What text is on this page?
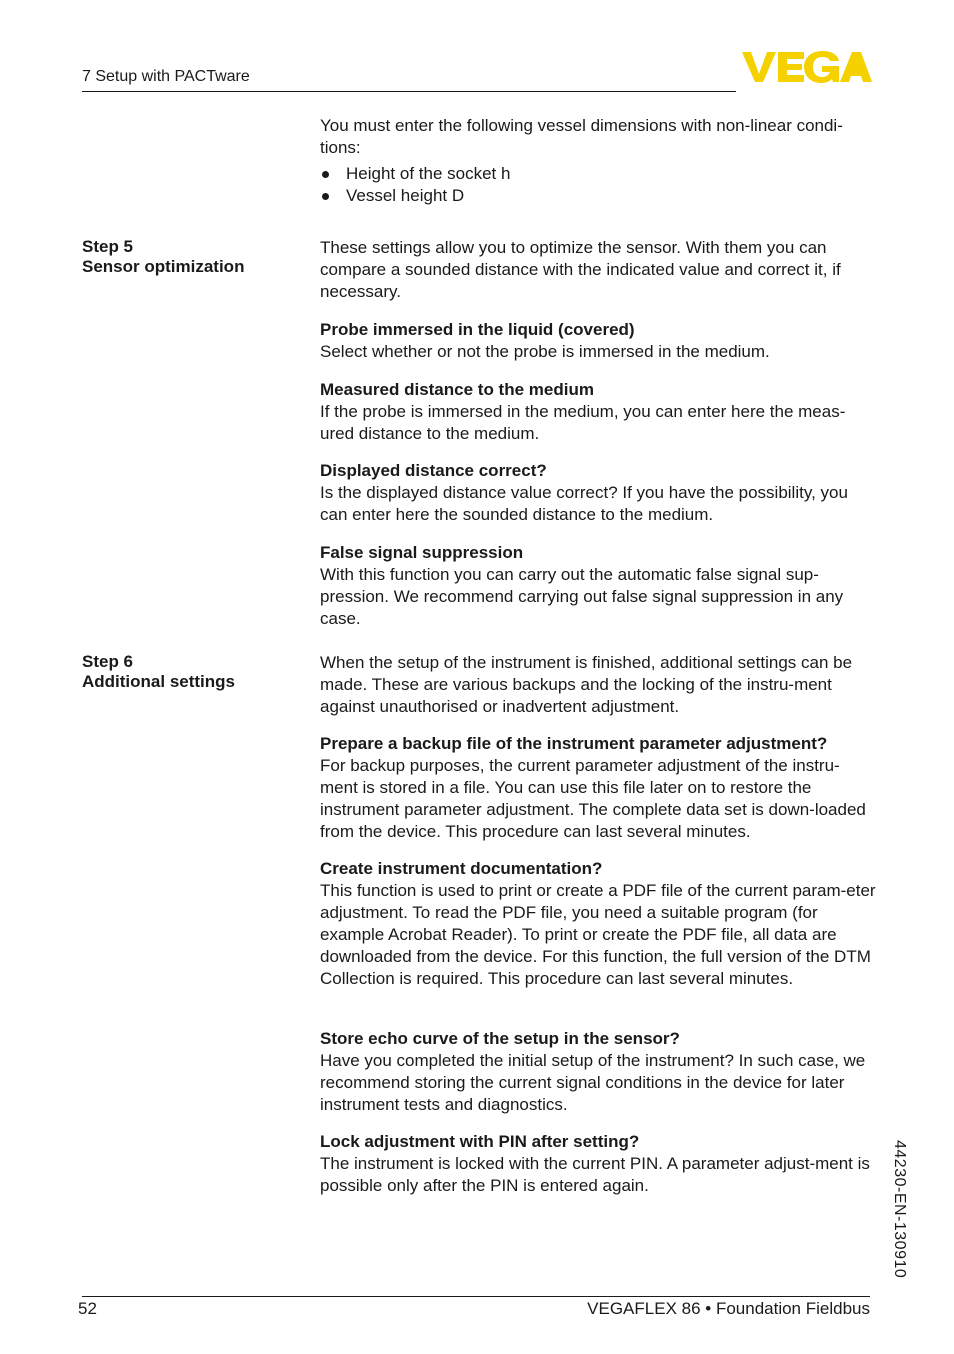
7 Setup with PACTware

You must enter the following vessel dimensions with non-linear condi-tions:

Height of the socket h
Vessel height D
Step 5
Sensor optimization

These settings allow you to optimize the sensor. With them you can compare a sounded distance with the indicated value and correct it, if necessary.

Probe immersed in the liquid (covered)

Select whether or not the probe is immersed in the medium.

Measured distance to the medium

If the probe is immersed in the medium, you can enter here the meas-ured distance to the medium.

Displayed distance correct?

Is the displayed distance value correct? If you have the possibility, you can enter here the sounded distance to the medium.

False signal suppression

With this function you can carry out the automatic false signal sup-pression. We recommend carrying out false signal suppression in any case.

Step 6
Additional settings

When the setup of the instrument is finished, additional settings can be made. These are various backups and the locking of the instru-ment against unauthorised or inadvertent adjustment.

Prepare a backup file of the instrument parameter adjustment?

For backup purposes, the current parameter adjustment of the instru-ment is stored in a file. You can use this file later on to restore the instrument parameter adjustment. The complete data set is down-loaded from the device. This procedure can last several minutes.

Create instrument documentation?

This function is used to print or create a PDF file of the current param-eter adjustment. To read the PDF file, you need a suitable program (for example Acrobat Reader). To print or create the PDF file, all data are downloaded from the device. For this function, the full version of the DTM Collection is required. This procedure can last several minutes.

Store echo curve of the setup in the sensor?

Have you completed the initial setup of the instrument? In such case, we recommend storing the current signal conditions in the device for later instrument tests and diagnostics.

Lock adjustment with PIN after setting?

The instrument is locked with the current PIN. A parameter adjust-ment is possible only after the PIN is entered again.	44230-EN-130910
52	VEGAFLEX 86 • Foundation Fieldbus
